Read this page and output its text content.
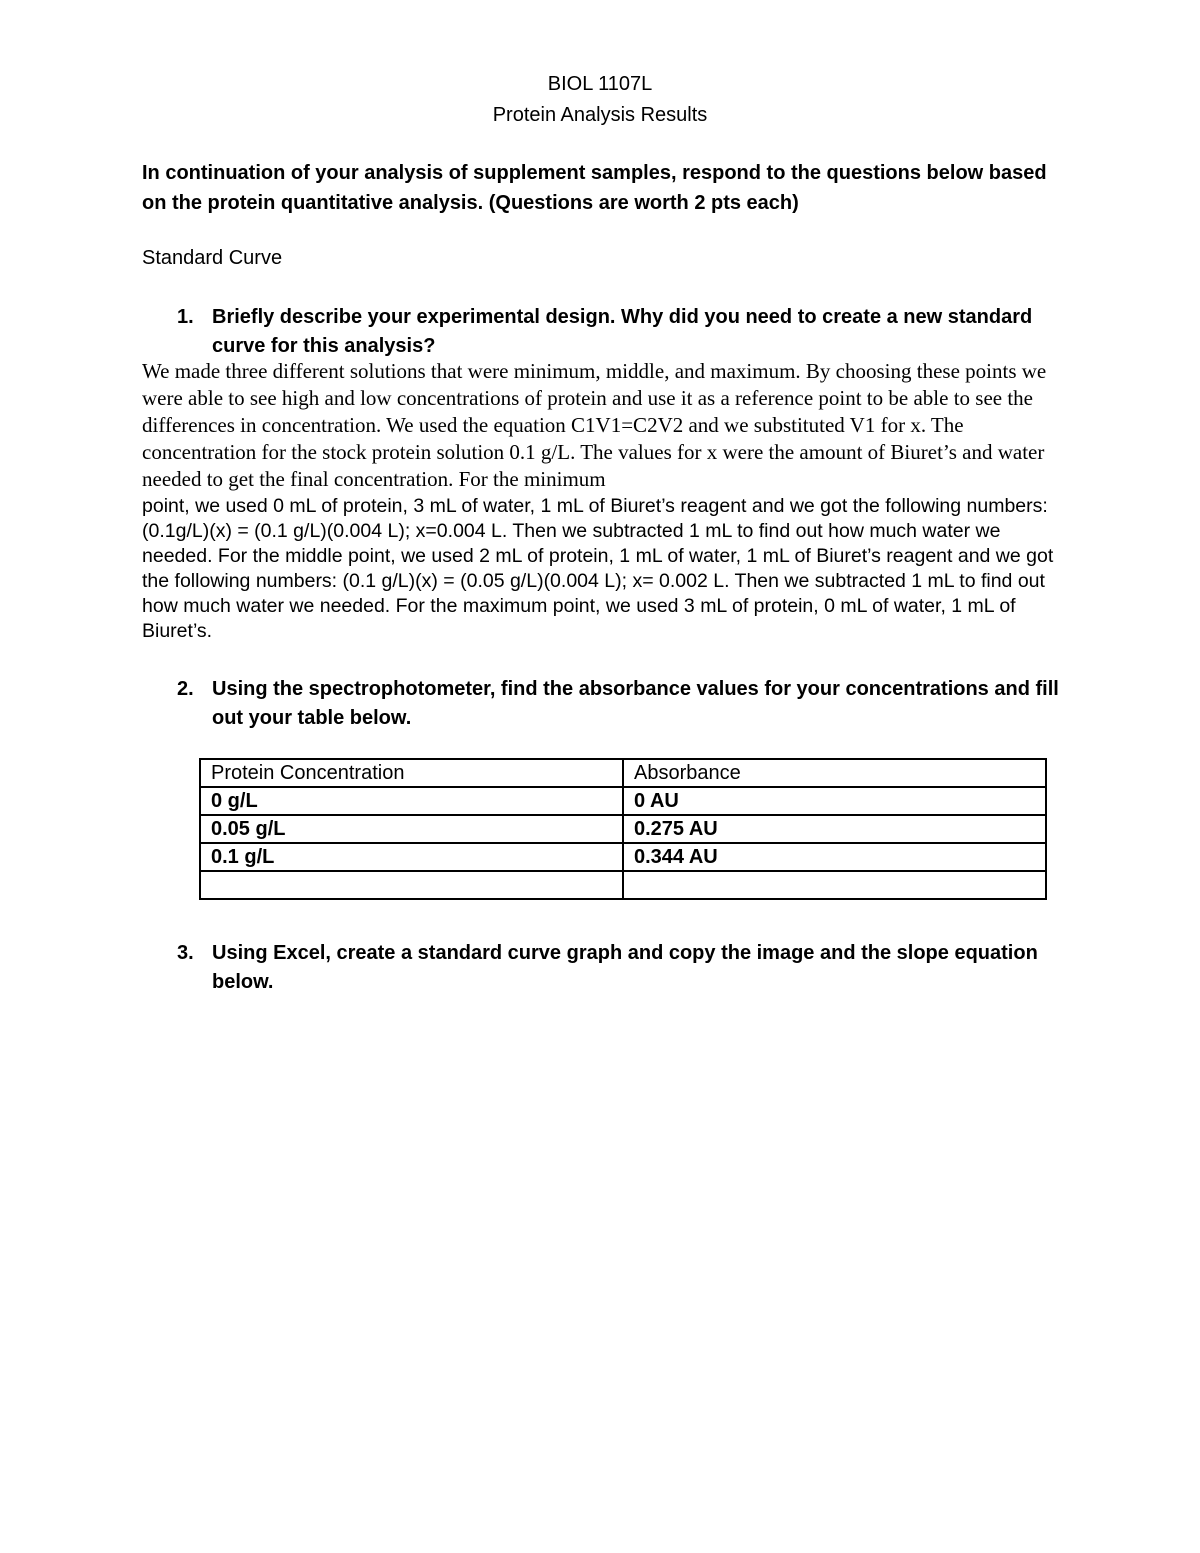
BIOL 1107L
Protein Analysis Results
In continuation of your analysis of supplement samples, respond to the questions below based on the protein quantitative analysis. (Questions are worth 2 pts each)
Standard Curve
1. Briefly describe your experimental design. Why did you need to create a new standard curve for this analysis?
We made three different solutions that were minimum, middle, and maximum. By choosing these points we were able to see high and low concentrations of protein and use it as a reference point to be able to see the differences in concentration. We used the equation C1V1=C2V2 and we substituted V1 for x. The concentration for the stock protein solution 0.1 g/L. The values for x were the amount of Biuret’s and water needed to get the final concentration. For the minimum
point, we used 0 mL of protein, 3 mL of water, 1 mL of Biuret’s reagent and we got the following numbers: (0.1g/L)(x) = (0.1 g/L)(0.004 L); x=0.004 L. Then we subtracted 1 mL to find out how much water we needed. For the middle point, we used 2 mL of protein, 1 mL of water, 1 mL of Biuret’s reagent and we got the following numbers: (0.1 g/L)(x) = (0.05 g/L)(0.004 L); x= 0.002 L. Then we subtracted 1 mL to find out how much water we needed. For the maximum point, we used 3 mL of protein, 0 mL of water, 1 mL of Biuret’s.
2. Using the spectrophotometer, find the absorbance values for your concentrations and fill out your table below.
Protein Concentration	Absorbance
0 g/L	0 AU
0.05 g/L	0.275 AU
0.1 g/L	0.344 AU

3. Using Excel, create a standard curve graph and copy the image and the slope equation below.
